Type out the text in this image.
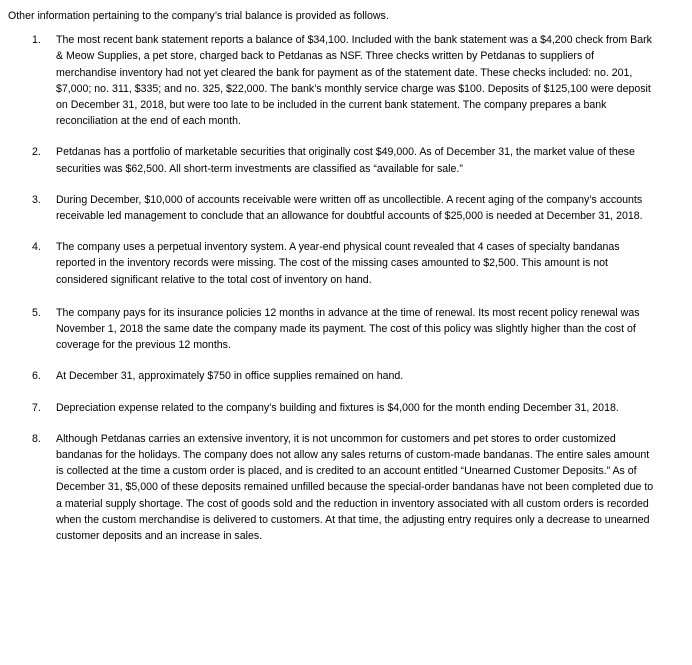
Other information pertaining to the company’s trial balance is provided as follows.
1.	The most recent bank statement reports a balance of $34,100. Included with the bank statement was a $4,200 check from Bark & Meow Supplies, a pet store, charged back to Petdanas as NSF. Three checks written by Petdanas to suppliers of merchandise inventory had not yet cleared the bank for payment as of the statement date. These checks included: no. 201, $7,000; no. 311, $335; and no. 325, $22,000. The bank’s monthly service charge was $100. Deposits of $125,100 were deposit on December 31, 2018, but were too late to be included in the current bank statement. The company prepares a bank reconciliation at the end of each month.
2.	Petdanas has a portfolio of marketable securities that originally cost $49,000. As of December 31, the market value of these securities was $62,500. All short-term investments are classified as “available for sale.”
3.	During December, $10,000 of accounts receivable were written off as uncollectible. A recent aging of the company’s accounts receivable led management to conclude that an allowance for doubtful accounts of $25,000 is needed at December 31, 2018.
4.	The company uses a perpetual inventory system. A year-end physical count revealed that 4 cases of specialty bandanas reported in the inventory records were missing. The cost of the missing cases amounted to $2,500. This amount is not considered significant relative to the total cost of inventory on hand.
5.	The company pays for its insurance policies 12 months in advance at the time of renewal. Its most recent policy renewal was November 1, 2018 the same date the company made its payment. The cost of this policy was slightly higher than the cost of coverage for the previous 12 months.
6.	At December 31, approximately $750 in office supplies remained on hand.
7.	Depreciation expense related to the company’s building and fixtures is $4,000 for the month ending December 31, 2018.
8.	Although Petdanas carries an extensive inventory, it is not uncommon for customers and pet stores to order customized bandanas for the holidays. The company does not allow any sales returns of custom-made bandanas. The entire sales amount is collected at the time a custom order is placed, and is credited to an account entitled “Unearned Customer Deposits.” As of December 31, $5,000 of these deposits remained unfilled because the special-order bandanas have not been completed due to a material supply shortage. The cost of goods sold and the reduction in inventory associated with all custom orders is recorded when the custom merchandise is delivered to customers. At that time, the adjusting entry requires only a decrease to unearned customer deposits and an increase in sales.
